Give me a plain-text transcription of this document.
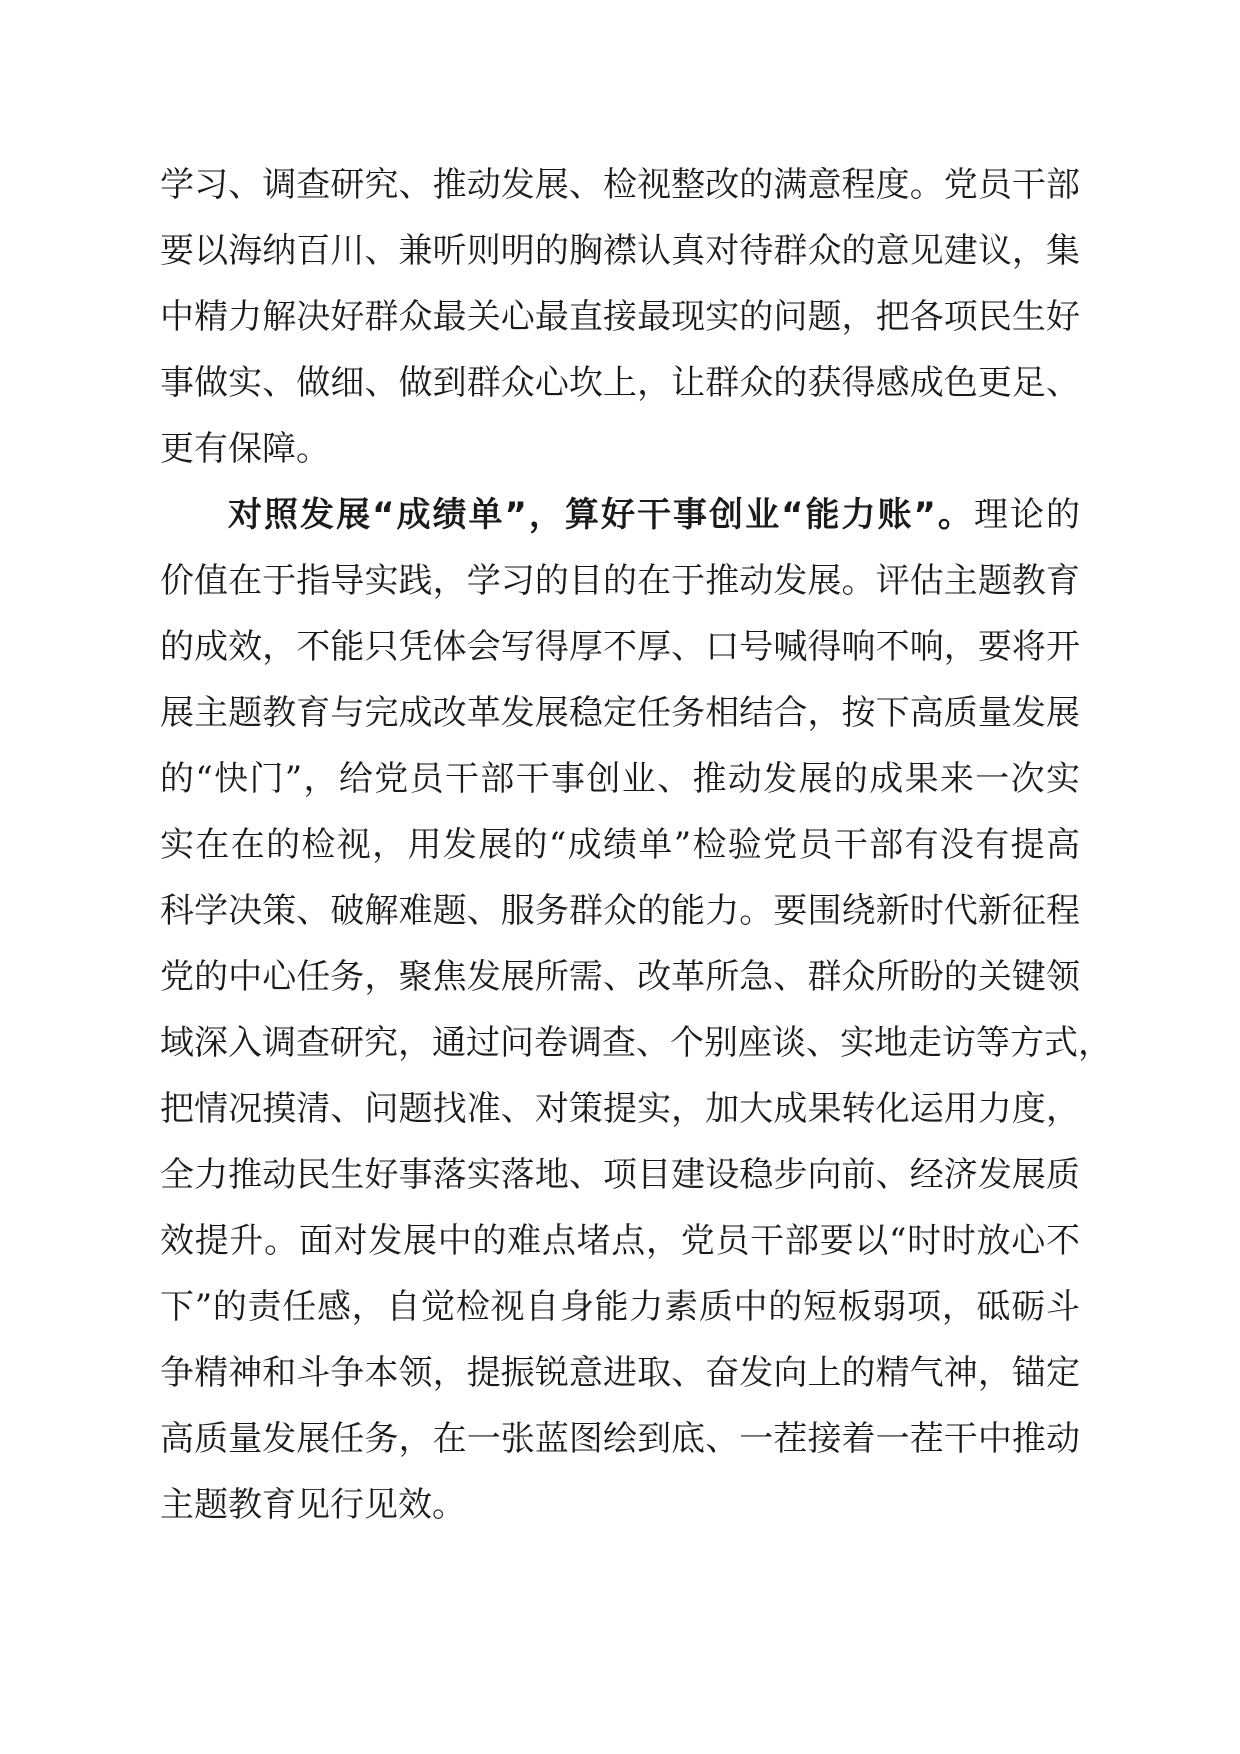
学习、调查研究、推动发展、检视整改的满意程度。党员干部
要以海纳百川、兼听则明的胸襟认真对待群众的意见建议，集
中精力解决好群众最关心最直接最现实的问题，把各项民生好
事做实、做细、做到群众心坎上，让群众的获得感成色更足、
更有保障。
对照发展“成绩单”，算好干事创业“能力账”。理论的
价值在于指导实践，学习的目的在于推动发展。评估主题教育
的成效，不能只凭体会写得厚不厚、口号喊得响不响，要将开
展主题教育与完成改革发展稳定任务相结合，按下高质量发展
的“快门”，给党员干部干事创业、推动发展的成果来一次实
实在在的检视，用发展的“成绩单”检验党员干部有没有提高
科学决策、破解难题、服务群众的能力。要围绕新时代新征程
党的中心任务，聚焦发展所需、改革所急、群众所盼的关键领
域深入调查研究，通过问卷调查、个别座谈、实地走访等方式，
把情况摸清、问题找准、对策提实，加大成果转化运用力度，
全力推动民生好事落实落地、项目建设稳步向前、经济发展质
效提升。面对发展中的难点堵点，党员干部要以“时时放心不
下”的责任感，自觉检视自身能力素质中的短板弱项，砥砺斗
争精神和斗争本领，提振锐意进取、奋发向上的精气神，锚定
高质量发展任务，在一张蓝图绘到底、一茬接着一茬干中推动
主题教育见行见效。
